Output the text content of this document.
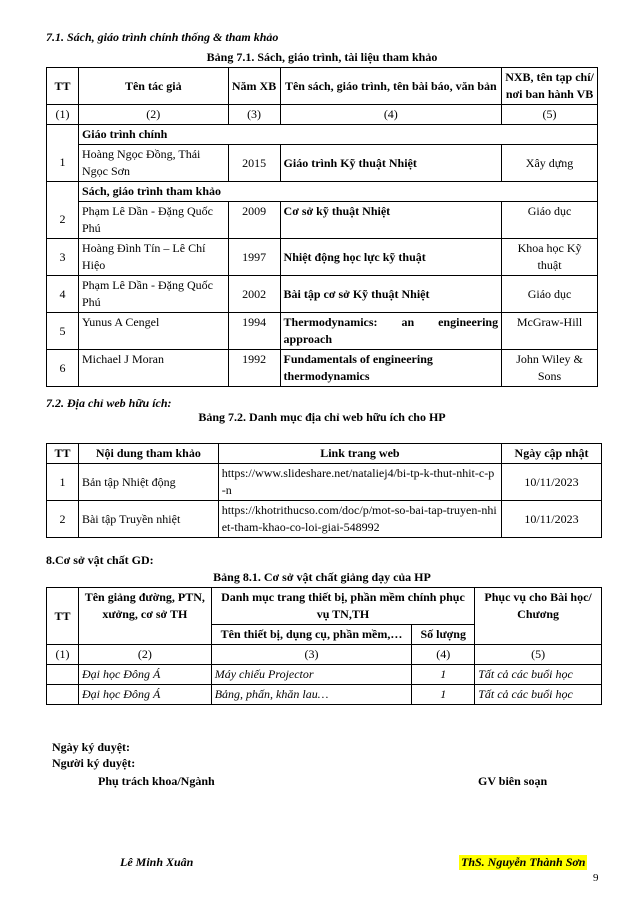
7.1. Sách, giáo trình chính thống & tham khảo
Bảng 7.1. Sách, giáo trình, tài liệu tham khảo
TT	Tên tác giả	Năm XB	Tên sách, giáo trình, tên bài báo, văn bản	NXB, tên tạp chí/ nơi ban hành VB
(1)	(2)	(3)	(4)	(5)
	Giáo trình chính			
1	Hoàng Ngọc Đồng, Thái Ngọc Sơn	2015	Giáo trình Kỹ thuật Nhiệt	Xây dựng
	Sách, giáo trình tham khảo			
2	Phạm Lê Dần - Đặng Quốc Phú	2009	Cơ sở kỹ thuật Nhiệt	Giáo dục
3	Hoàng Đình Tín – Lê Chí Hiệo	1997	Nhiệt động học lực kỹ thuật	Khoa học Kỹ thuật
4	Phạm Lê Dần - Đặng Quốc Phú	2002	Bài tập cơ sở Kỹ thuật Nhiệt	Giáo dục
5	Yunus A Cengel	1994	Thermodynamics: an engineering approach	McGraw-Hill
6	Michael J Moran	1992	Fundamentals of engineering thermodynamics	John Wiley & Sons
7.2. Địa chỉ web hữu ích:
Bảng 7.2. Danh mục địa chỉ web hữu ích cho HP
TT	Nội dung tham khảo	Link trang web	Ngày cập nhật
1	Bản tập Nhiệt động	https://www.slideshare.net/nataliej4/bi-tp-k-thut-nhit-c-p-n	10/11/2023
2	Bài tập Truyền nhiệt	https://khotrithucso.com/doc/p/mot-so-bai-tap-truyen-nhiet-tham-khao-co-loi-giai-548992	10/11/2023
8.Cơ sở vật chất GD:
Bảng 8.1. Cơ sở vật chất giảng dạy của HP
TT	Tên giảng đường, PTN, xưởng, cơ sở TH	Danh mục trang thiết bị, phần mềm chính phục vụ TN,TH		Phục vụ cho Bài học/ Chương
		Tên thiết bị, dụng cụ, phần mềm,…	Số lượng	
(1)	(2)	(3)	(4)	(5)
	Đại học Đông Á	Máy chiếu Projector	1	Tất cả các buổi học
	Đại học Đông Á	Bảng, phấn, khăn lau…	1	Tất cả các buổi học
Ngày ký duyệt:
Người ký duyệt:
Phụ trách khoa/Ngành	GV biên soạn
Lê Minh Xuân	ThS. Nguyễn Thành Sơn
9
